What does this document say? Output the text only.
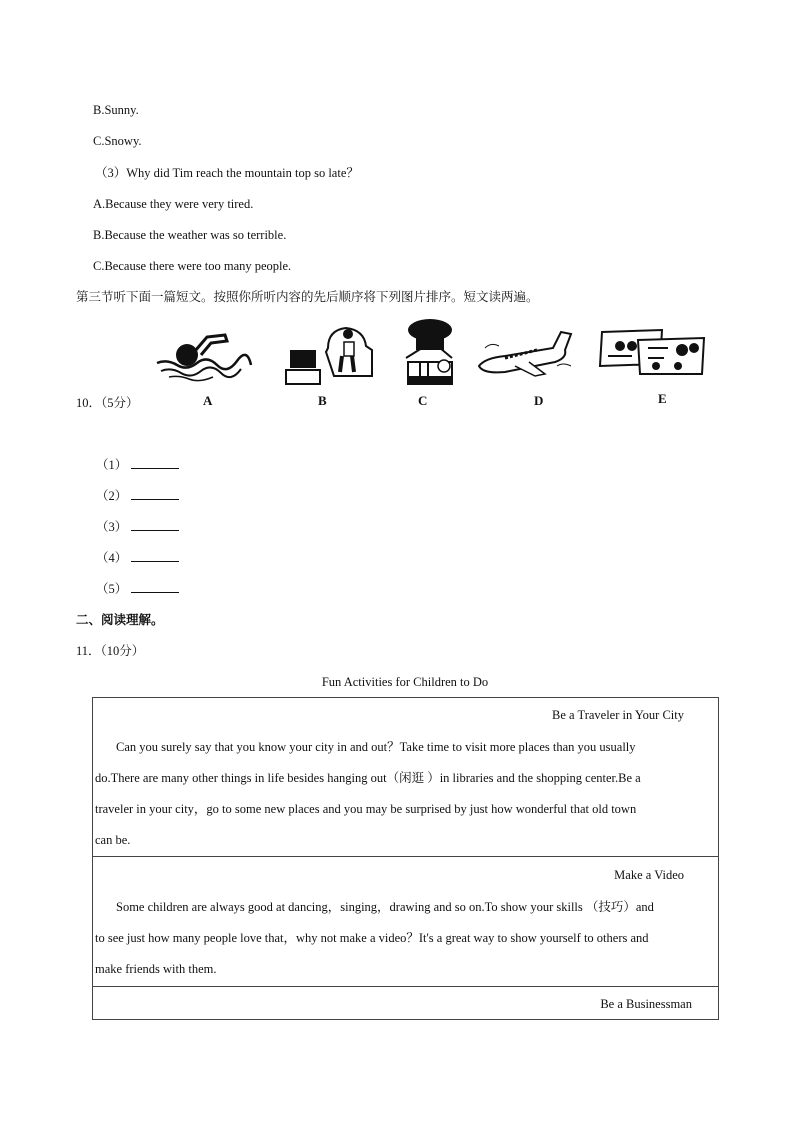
B.Sunny.
C.Snowy.
（3）Why did Tim reach the mountain top so late？
A.Because they were very tired.
B.Because the weather was so terrible.
C.Because there were too many people.
第三节听下面一篇短文。按照你所听内容的先后顺序将下列图片排序。短文读两遍。
A	B	C	D	E
10．（5分）
（1）
（2）
（3）
（4）
（5）
二、阅读理解。
11．（10分）
Fun Activities for Children to Do
Be a Traveler in Your City
Can you surely say that you know your city in and out？Take time to visit more places than you usually
do.There are many other things in life besides hanging out（闲逛 ）in libraries and the shopping center.Be a
traveler in your city，go to some new places and you may be surprised by just how wonderful that old town
can be.
Make a Video
Some children are always good at dancing，singing，drawing and so on.To show your skills （技巧）and
to see just how many people love that，why not make a video？It's a great way to show yourself to others and
make friends with them.
Be a Businessman
